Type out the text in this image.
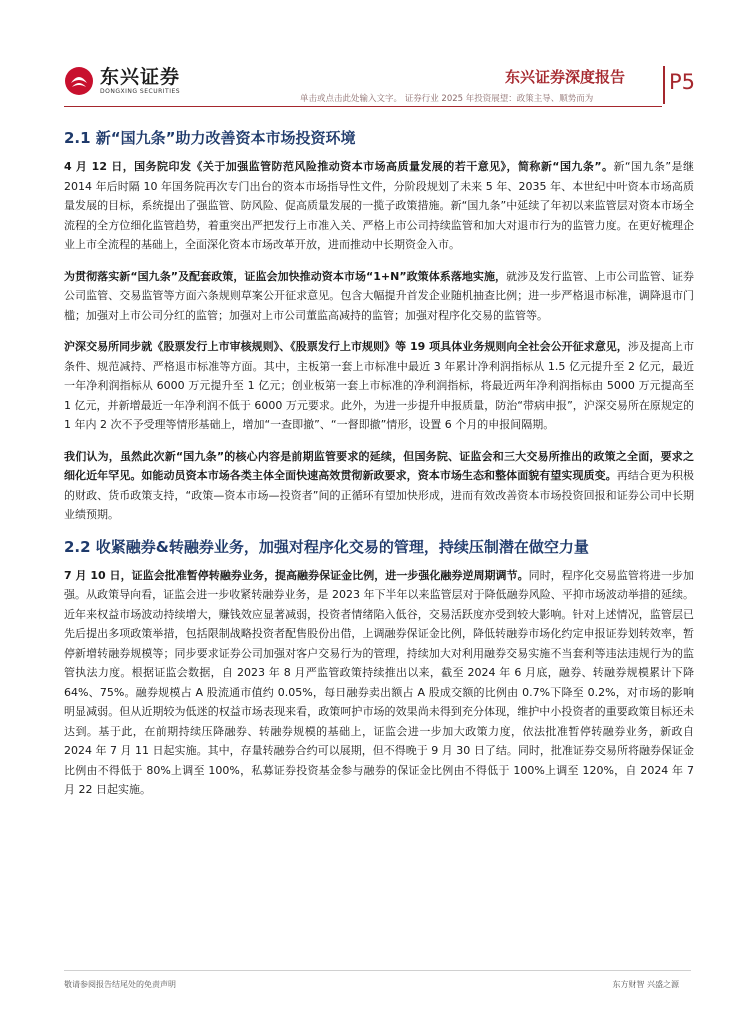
东兴证券
DONGXING SECURITIES
东兴证券深度报告 P5
单击或点击此处输入文字。 证券行业 2025 年投资展望：政策主导、顺势而为
2.1 新“国九条”助力改善资本市场投资环境

4 月 12 日，国务院印发《关于加强监管防范风险推动资本市场高质量发展的若干意见》，简称新“国九条”。新“国九条”是继 2014 年后时隔 10 年国务院再次专门出台的资本市场指导性文件，分阶段规划了未来 5 年、2035 年、本世纪中叶资本市场高质量发展的目标，系统提出了强监管、防风险、促高质量发展的一揽子政策措施。新“国九条”中延续了年初以来监管层对资本市场全流程的全方位细化监管趋势，着重突出严把发行上市准入关、严格上市公司持续监管和加大对退市行为的监管力度。在更好梳理企业上市全流程的基础上，全面深化资本市场改革开放，进而推动中长期资金入市。

为贯彻落实新“国九条”及配套政策，证监会加快推动资本市场“1+N”政策体系落地实施，就涉及发行监管、上市公司监管、证券公司监管、交易监管等方面六条规则草案公开征求意见。包含大幅提升首发企业随机抽查比例；进一步严格退市标准，调降退市门槛；加强对上市公司分红的监管；加强对上市公司董监高减持的监管；加强对程序化交易的监管等。

沪深交易所同步就《股票发行上市审核规则》、《股票发行上市规则》等 19 项具体业务规则向全社会公开征求意见，涉及提高上市条件、规范减持、严格退市标准等方面。其中，主板第一套上市标准中最近 3 年累计净利润指标从 1.5 亿元提升至 2 亿元，最近一年净利润指标从 6000 万元提升至 1 亿元；创业板第一套上市标准的净利润指标，将最近两年净利润指标由 5000 万元提高至 1 亿元，并新增最近一年净利润不低于 6000 万元要求。此外，为进一步提升申报质量，防治“带病申报”，沪深交易所在原规定的 1 年内 2 次不予受理等情形基础上，增加“一查即撤”、“一督即撤”情形，设置 6 个月的申报间隔期。

我们认为，虽然此次新“国九条”的核心内容是前期监管要求的延续，但国务院、证监会和三大交易所推出的政策之全面，要求之细化近年罕见。如能动员资本市场各类主体全面快速高效贯彻新政要求，资本市场生态和整体面貌有望实现质变。再结合更为积极的财政、货币政策支持，“政策—资本市场—投资者”间的正循环有望加快形成，进而有效改善资本市场投资回报和证券公司中长期业绩预期。

2.2 收紧融券&转融券业务，加强对程序化交易的管理，持续压制潜在做空力量

7 月 10 日，证监会批准暂停转融券业务，提高融券保证金比例，进一步强化融券逆周期调节。同时，程序化交易监管将进一步加强。从政策导向看，证监会进一步收紧转融券业务，是 2023 年下半年以来监管层对于降低融券风险、平抑市场波动举措的延续。近年来权益市场波动持续增大，赚钱效应显著减弱，投资者情绪陷入低谷，交易活跃度亦受到较大影响。针对上述情况，监管层已先后提出多项政策举措，包括限制战略投资者配售股份出借，上调融券保证金比例，降低转融券市场化约定申报证券划转效率，暂停新增转融券规模等；同步要求证券公司加强对客户交易行为的管理，持续加大对利用融券交易实施不当套利等违法违规行为的监管执法力度。根据证监会数据，自 2023 年 8 月严监管政策持续推出以来，截至 2024 年 6 月底，融券、转融券规模累计下降 64%、75%。融券规模占 A 股流通市值约 0.05%，每日融券卖出额占 A 股成交额的比例由 0.7%下降至 0.2%，对市场的影响明显减弱。但从近期较为低迷的权益市场表现来看，政策呵护市场的效果尚未得到充分体现，维护中小投资者的重要政策目标还未达到。基于此，在前期持续压降融券、转融券规模的基础上，证监会进一步加大政策力度，依法批准暂停转融券业务，新政自 2024 年 7 月 11 日起实施。其中，存量转融券合约可以展期，但不得晚于 9 月 30 日了结。同时，批准证券交易所将融券保证金比例由不得低于 80%上调至 100%，私募证券投资基金参与融券的保证金比例由不得低于 100%上调至 120%，自 2024 年 7 月 22 日起实施。

敬请参阅报告结尾处的免责声明	东方财智 兴盛之源
